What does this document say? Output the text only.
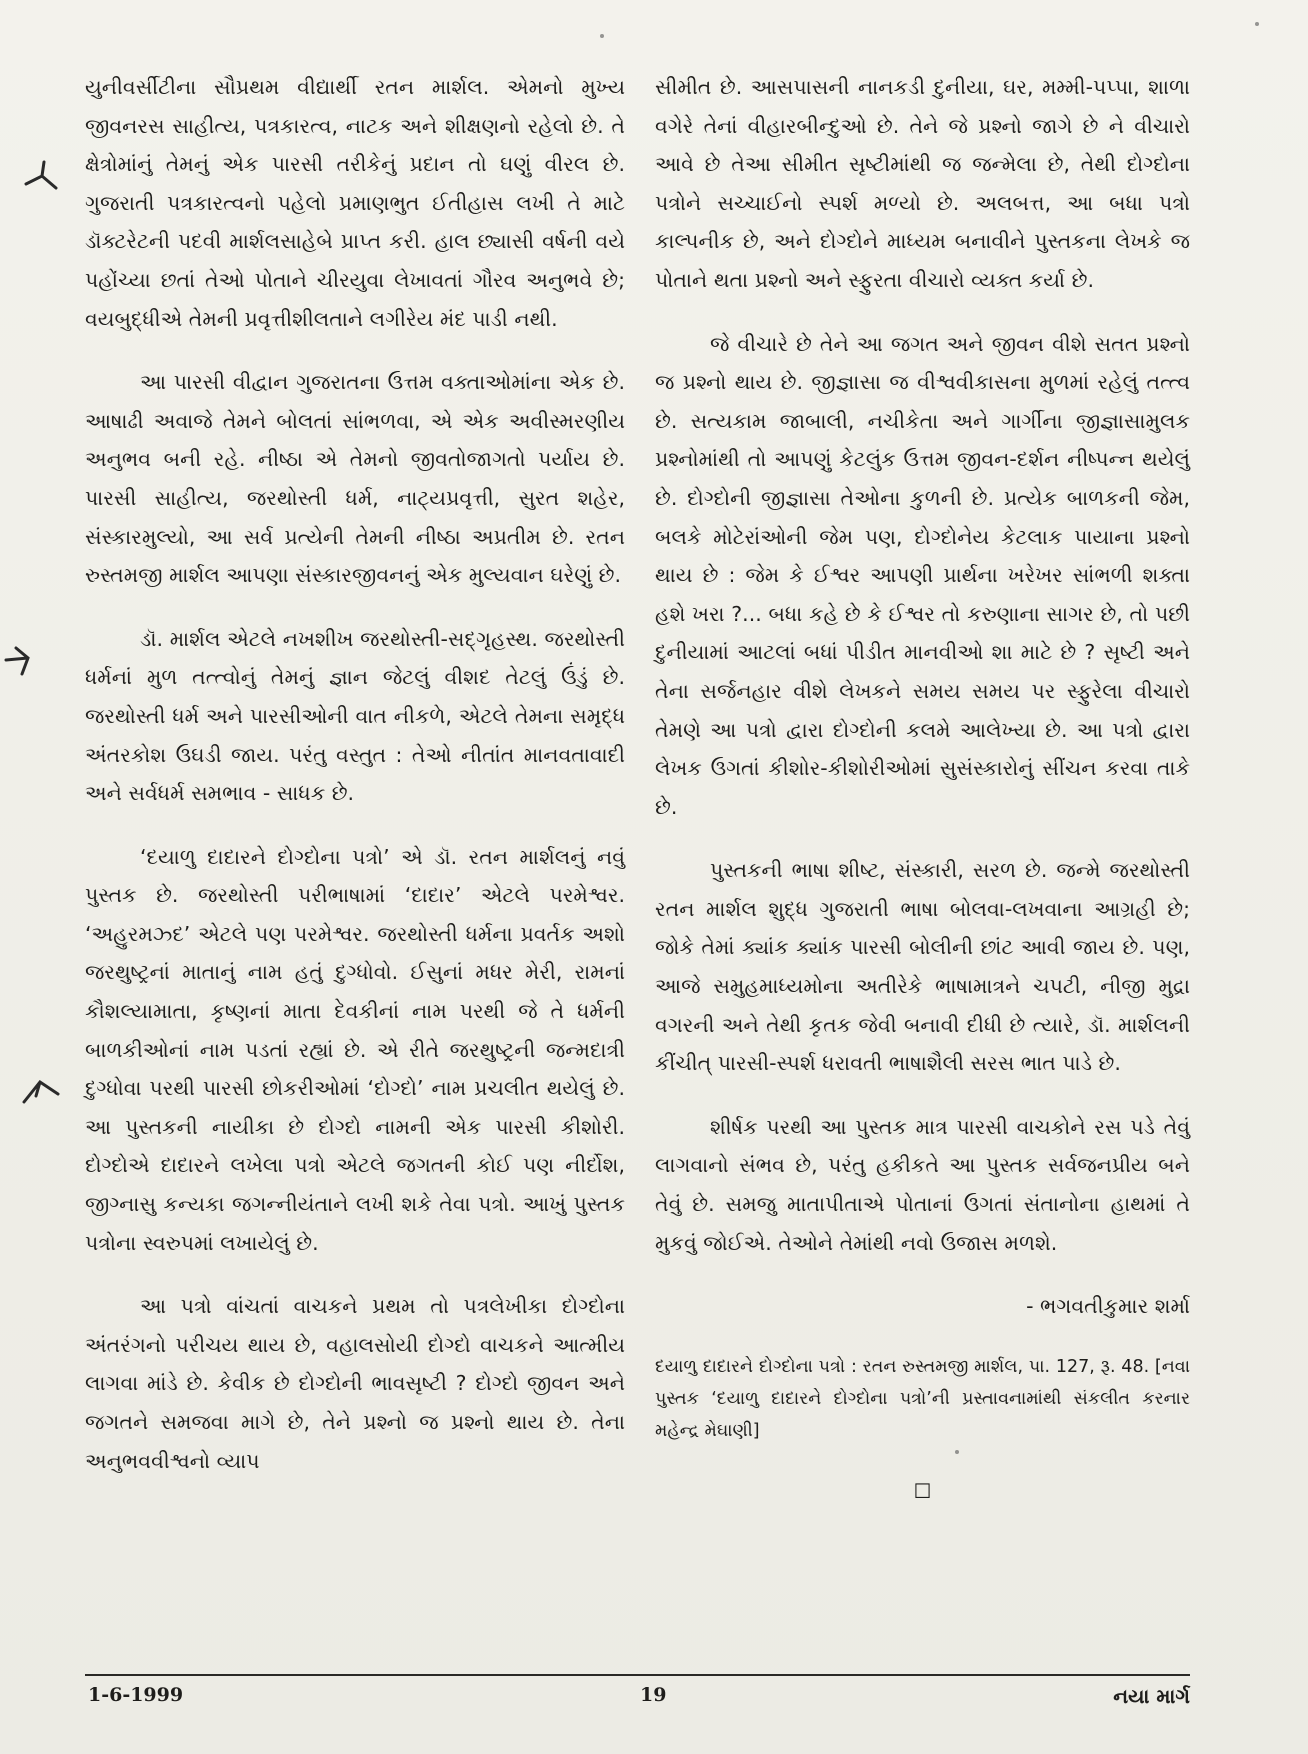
યુનીવર્સીટીના સૌપ્રથમ વીદ્યાર્થી રતન માર્શલ. એમનો મુખ્ય જીવનરસ સાહીત્ય, પત્રકારત્વ, નાટક અને શીક્ષણનો રહેલો છે. તે ક્ષેત્રોમાંનું તેમનું એક પારસી તરીકેનું પ્રદાન તો ઘણું વીરલ છે. ગુજરાતી પત્રકારત્વનો પહેલો પ્રમાણભુત ઈતીહાસ લખી તે માટે ડૉક્ટરેટની પદવી માર્શલસાહેબે પ્રાપ્ત કરી. હાલ છ્યાસી વર્ષની વયે પહોંચ્યા છતાં તેઓ પોતાને ચીરયુવા લેખાવતાં ગૌરવ અનુભવે છે; વયબુદ્ધીએ તેમની પ્રવૃત્તીશીલતાને લગીરેય મંદ પાડી નથી.

આ પારસી વીદ્વાન ગુજરાતના ઉત્તમ વક્તાઓમાંના એક છે. આષાઢી અવાજે તેમને બોલતાં સાંભળવા, એ એક અવીસ્મરણીય અનુભવ બની રહે. નીષ્ઠા એ તેમનો જીવતોજાગતો પર્યાય છે. પારસી સાહીત્ય, જરથોસ્તી ધર્મ, નાટ્યપ્રવૃત્તી, સુરત શહેર, સંસ્કારમુલ્યો, આ સર્વ પ્રત્યેની તેમની નીષ્ઠા અપ્રતીમ છે. રતન રુસ્તમજી માર્શલ આપણા સંસ્કારજીવનનું એક મુલ્યવાન ઘરેણું છે.

ડૉ. માર્શલ એટલે નખશીખ જરથોસ્તી-સદ્ગૃહસ્થ. જરથોસ્તી ધર્મનાં મુળ તત્ત્વોનું તેમનું જ્ઞાન જેટલું વીશદ તેટલું ઉંડું છે. જરથોસ્તી ધર્મ અને પારસીઓની વાત નીકળે, એટલે તેમના સમૃદ્ધ અંતરકોશ ઉઘડી જાય. પરંતુ વસ્તુત : તેઓ નીતાંત માનવતાવાદી અને સર્વધર્મ સમભાવ - સાધક છે.

‘દયાળુ દાદારને દોગ્દોના પત્રો’ એ ડૉ. રતન માર્શલનું નવું પુસ્તક છે. જરથોસ્તી પરીભાષામાં ‘દાદાર’ એટલે પરમેશ્વર. ‘અહુરમઝ્દ’ એટલે પણ પરમેશ્વર. જરથોસ્તી ધર્મના પ્રવર્તક અશો જરથુષ્ટ્રનાં માતાનું નામ હતું દુગ્ધોવો. ઈસુનાં મધર મેરી, રામનાં કૌશલ્યામાતા, કૃષ્ણનાં માતા દેવકીનાં નામ પરથી જે તે ધર્મની બાળકીઓનાં નામ પડતાં રહ્યાં છે. એ રીતે જરથુષ્ટ્રની જન્મદાત્રી દુગ્ધોવા પરથી પારસી છોકરીઓમાં ‘દોગ્દો’ નામ પ્રચલીત થયેલું છે. આ પુસ્તકની નાયીકા છે દોગ્દો નામની એક પારસી કીશોરી. દોગ્દોએ દાદારને લખેલા પત્રો એટલે જગતની કોઈ પણ નીર્દોશ, જીગ્નાસુ કન્યકા જગન્નીયંતાને લખી શકે તેવા પત્રો. આખું પુસ્તક પત્રોના સ્વરુપમાં લખાયેલું છે.

આ પત્રો વાંચતાં વાચકને પ્રથમ તો પત્રલેખીકા દોગ્દોના અંતરંગનો પરીચય થાય છે, વહાલસોયી દોગ્દો વાચકને આત્મીય લાગવા માંડે છે. કેવીક છે દોગ્દોની ભાવસૃષ્ટી ? દોગ્દો જીવન અને જગતને સમજવા માગે છે, તેને પ્રશ્નો જ પ્રશ્નો થાય છે. તેના અનુભવવીશ્વનો વ્યાપ

સીમીત છે. આસપાસની નાનકડી દુનીયા, ઘર, મમ્મી-પપ્પા, શાળા વગેરે તેનાં વીહારબીન્દુઓ છે. તેને જે પ્રશ્નો જાગે છે ને વીચારો આવે છે તેઆ સીમીત સૃષ્ટીમાંથી જ જન્મેલા છે, તેથી દોગ્દોના પત્રોને સચ્ચાઈનો સ્પર્શ મળ્યો છે. અલબત્ત, આ બધા પત્રો કાલ્પનીક છે, અને દોગ્દોને માધ્યમ બનાવીને પુસ્તકના લેખકે જ પોતાને થતા પ્રશ્નો અને સ્ફુરતા વીચારો વ્યક્ત કર્યા છે.

જે વીચારે છે તેને આ જગત અને જીવન વીશે સતત પ્રશ્નો જ પ્રશ્નો થાય છે. જીજ્ઞાસા જ વીશ્વવીકાસના મુળમાં રહેલું તત્ત્વ છે. સત્યકામ જાબાલી, નચીકેતા અને ગાર્ગીના જીજ્ઞાસામુલક પ્રશ્નોમાંથી તો આપણું કેટલુંક ઉત્તમ જીવન-દર્શન નીષ્પન્ન થયેલું છે. દોગ્દોની જીજ્ઞાસા તેઓના કુળની છે. પ્રત્યેક બાળકની જેમ, બલકે મોટેરાંઓની જેમ પણ, દોગ્દોનેય કેટલાક પાયાના પ્રશ્નો થાય છે : જેમ કે ઈશ્વર આપણી પ્રાર્થના ખરેખર સાંભળી શક્તા હશે ખરા ?... બધા કહે છે કે ઈશ્વર તો કરુણાના સાગર છે, તો પછી દુનીયામાં આટલાં બધાં પીડીત માનવીઓ શા માટે છે ? સૃષ્ટી અને તેના સર્જનહાર વીશે લેખકને સમય સમય પર સ્ફુરેલા વીચારો તેમણે આ પત્રો દ્વારા દોગ્દોની કલમે આલેખ્યા છે. આ પત્રો દ્વારા લેખક ઉગતાં કીશોર-કીશોરીઓમાં સુસંસ્કારોનું સીંચન કરવા તાકે છે.

પુસ્તકની ભાષા શીષ્ટ, સંસ્કારી, સરળ છે. જન્મે જરથોસ્તી રતન માર્શલ શુદ્ધ ગુજરાતી ભાષા બોલવા-લખવાના આગ્રહી છે; જોકે તેમાં ક્યાંક ક્યાંક પારસી બોલીની છાંટ આવી જાય છે. પણ, આજે સમુહમાધ્યમોના અતીરેકે ભાષામાત્રને ચપટી, નીજી મુદ્રા વગરની અને તેથી કૃતક જેવી બનાવી દીધી છે ત્યારે, ડૉ. માર્શલની કીંચીત્ પારસી-સ્પર્શ ધરાવતી ભાષાશૈલી સરસ ભાત પાડે છે.

શીર્ષક પરથી આ પુસ્તક માત્ર પારસી વાચકોને રસ પડે તેવું લાગવાનો સંભવ છે, પરંતુ હકીકતે આ પુસ્તક સર્વજનપ્રીય બને તેવું છે. સમજુ માતાપીતાએ પોતાનાં ઉગતાં સંતાનોના હાથમાં તે મુકવું જોઈએ. તેઓને તેમાંથી નવો ઉજાસ મળશે.

- ભગવતીકુમાર શર્મા

દયાળુ દાદારને દોગ્દોના પત્રો : રતન રુસ્તમજી માર્શલ, પા. 127, રૂ. 48. [નવા પુસ્તક ‘દયાળુ દાદારને દોગ્દોના પત્રો’ની પ્રસ્તાવનામાંથી સંકલીત કરનાર મહેન્દ્ર મેઘાણી]

☐
1-6-1999	19	નયા માર્ગ
